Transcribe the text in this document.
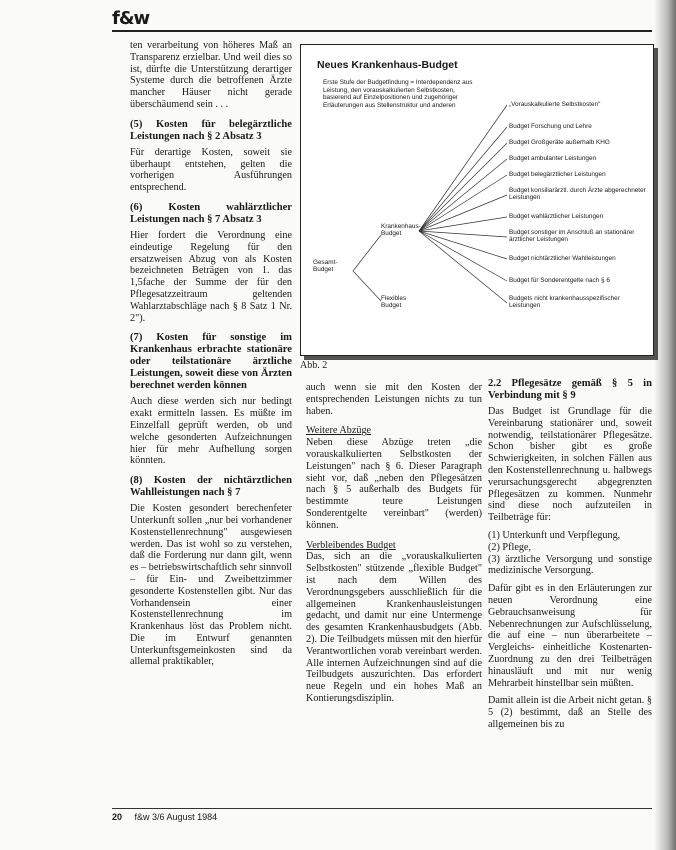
f&w

ten verarbeitung von höheres Maß an Transparenz erzielbar. Und weil dies so ist, dürfte die Unterstützung derartiger Systeme durch die betroffenen Ärzte mancher Häuser nicht gerade überschäumend sein . . .

(5) Kosten für belegärztliche Leistungen nach § 2 Absatz 3

Für derartige Kosten, soweit sie überhaupt entstehen, gelten die vorherigen Ausführungen entsprechend.

(6) Kosten wahlärztlicher Leistungen nach § 7 Absatz 3

Hier fordert die Verordnung eine eindeutige Regelung für den ersatzweisen Abzug von als Kosten bezeichneten Beträgen von 1. das 1,5fache der Summe der für den Pflegesatzzeitraum geltenden Wahlarztabschläge nach § 8 Satz 1 Nr. 2").

(7) Kosten für sonstige im Krankenhaus erbrachte stationäre oder teilstationäre ärztliche Leistungen, soweit diese von Ärzten berechnet werden können

Auch diese werden sich nur bedingt exakt ermitteln lassen. Es müßte im Einzelfall geprüft werden, ob und welche gesonderten Aufzeichnungen hier für mehr Aufhellung sorgen könnten.

(8) Kosten der nichtärztlichen Wahlleistungen nach § 7

Die Kosten gesondert berechenfeter Unterkunft sollen „nur bei vorhandener Kostenstellenrechnung" ausgewiesen werden. Das ist wohl so zu verstehen, daß die Forderung nur dann gilt, wenn es – betriebswirtschaftlich sehr sinnvoll – für Ein- und Zweibettzimmer gesonderte Kostenstellen gibt. Nur das Vorhandensein einer Kostenstellenrechnung im Krankenhaus löst das Problem nicht. Die im Entwurf genannten Unterkunftsgemeinkosten sind da allemal praktikabler,

Neues Krankenhaus-Budget
Erste Stufe der Budgetfindung = Interdependenz aus Leistung, den vorauskalkulierten Selbstkosten, basierend auf Einzelpositionen und zugehöriger Erläuterungen aus Stellenstruktur und anderen
Gesamt-Budget
Krankenhaus-Budget
Flexibles Budget
„Vorauskalkulierte Selbstkosten"
Budget Forschung und Lehre
Budget Großgeräte außerhalb KHG
Budget ambulanter Leistungen
Budget belegärztlicher Leistungen
Budget konsiliarärztl. durch Ärzte abgerechneter Leistungen
Budget wahlärztlicher Leistungen
Budget sonstiger im Anschluß an stationärer ärztlicher Leistungen
Budget nichtärztlicher Wahlleistungen
Budget für Sonderentgelte nach § 6
Budgets nicht krankenhausspezifischer Leistungen
Abb. 2

auch wenn sie mit den Kosten der entsprechenden Leistungen nichts zu tun haben.

Weitere Abzüge

Neben diese Abzüge treten „die vorauskalkulierten Selbstkosten der Leistungen" nach § 6. Dieser Paragraph sieht vor, daß „neben den Pflegesätzen nach § 5 außerhalb des Budgets für bestimmte teure Leistungen Sonderentgelte vereinbart" (werden) können.

Verbleibendes Budget

Das, sich an die „vorauskalkulierten Selbstkosten" stützende „flexible Budget" ist nach dem Willen des Verordnungsgebers ausschließlich für die allgemeinen Krankenhausleistungen gedacht, und damit nur eine Untermenge des gesamten Krankenhausbudgets (Abb. 2). Die Teilbudgets müssen mit den hierfür Verantwortlichen vorab vereinbart werden. Alle internen Aufzeichnungen sind auf die Teilbudgets auszurichten. Das erfordert neue Regeln und ein hohes Maß an Kontierungsdisziplin.

2.2 Pflegesätze gemäß § 5 in Verbindung mit § 9

Das Budget ist Grundlage für die Vereinbarung stationärer und, soweit notwendig, teilstationärer Pflegesätze. Schon bisher gibt es große Schwierigkeiten, in solchen Fällen aus den Kostenstellenrechnung u. halbwegs verursachungsgerecht abgegrenzten Pflegesätzen zu kommen. Nunmehr sind diese noch aufzuteilen in Teilbeträge für:

(1) Unterkunft und Verpflegung,

(2) Pflege,

(3) ärztliche Versorgung und sonstige medizinische Versorgung.

Dafür gibt es in den Erläuterungen zur neuen Verordnung eine Gebrauchsanweisung für Nebenrechnungen zur Aufschlüsselung, die auf eine – nun überarbeitete – Vergleichs- einheitliche Kostenarten-Zuordnung zu den drei Teilbeträgen hinausläuft und mit nur wenig Mehrarbeit hinstellbar sein müßten.

Damit allein ist die Arbeit nicht getan. § 5 (2) bestimmt, daß an Stelle des allgemeinen bis zu

20 f&w 3/6 August 1984
